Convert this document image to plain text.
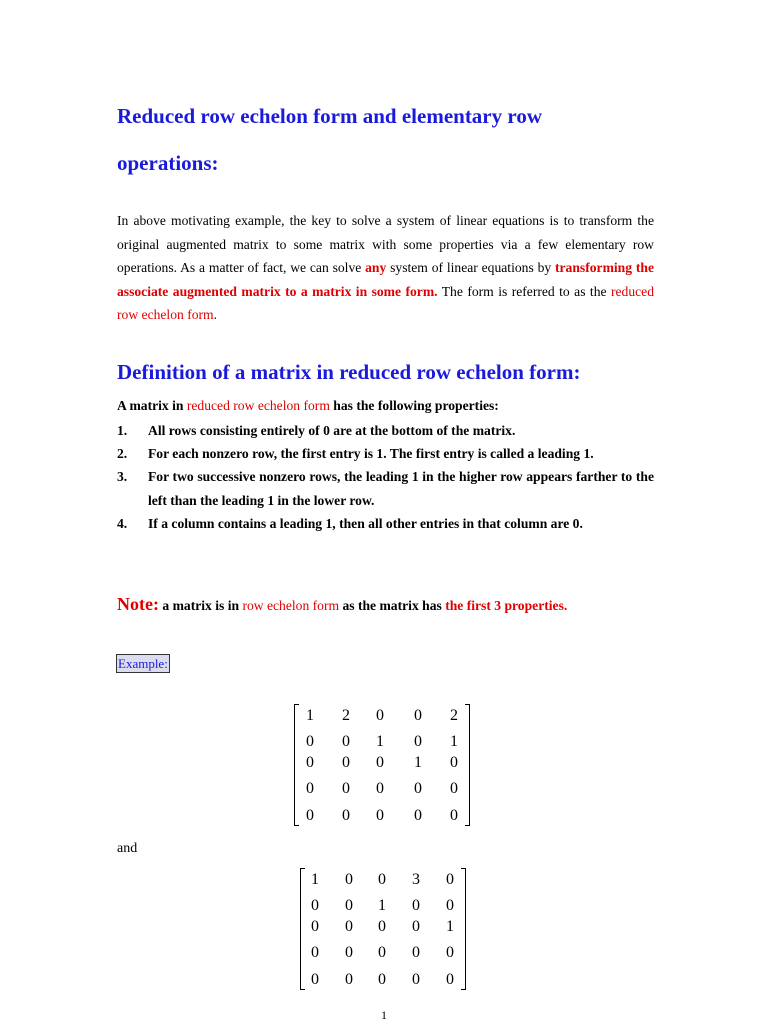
Reduced row echelon form and elementary row
operations:
In above motivating example, the key to solve a system of linear equations is to transform the original augmented matrix to some matrix with some properties via a few elementary row operations. As a matter of fact, we can solve any system of linear equations by transforming the associate augmented matrix to a matrix in some form. The form is referred to as the reduced row echelon form.
Definition of a matrix in reduced row echelon form:
A matrix in reduced row echelon form has the following properties:
1. All rows consisting entirely of 0 are at the bottom of the matrix.
2. For each nonzero row, the first entry is 1. The first entry is called a leading 1.
3. For two successive nonzero rows, the leading 1 in the higher row appears farther to the left than the leading 1 in the lower row.
4. If a column contains a leading 1, then all other entries in that column are 0.
Note: a matrix is in row echelon form as the matrix has the first 3 properties.
Example:
1	2	0	0	2
0	0	1	0	1
0	0	0	1	0
0	0	0	0	0
0	0	0	0	0
and
1	0	0	3	0
0	0	1	0	0
0	0	0	0	1
0	0	0	0	0
0	0	0	0	0
1
